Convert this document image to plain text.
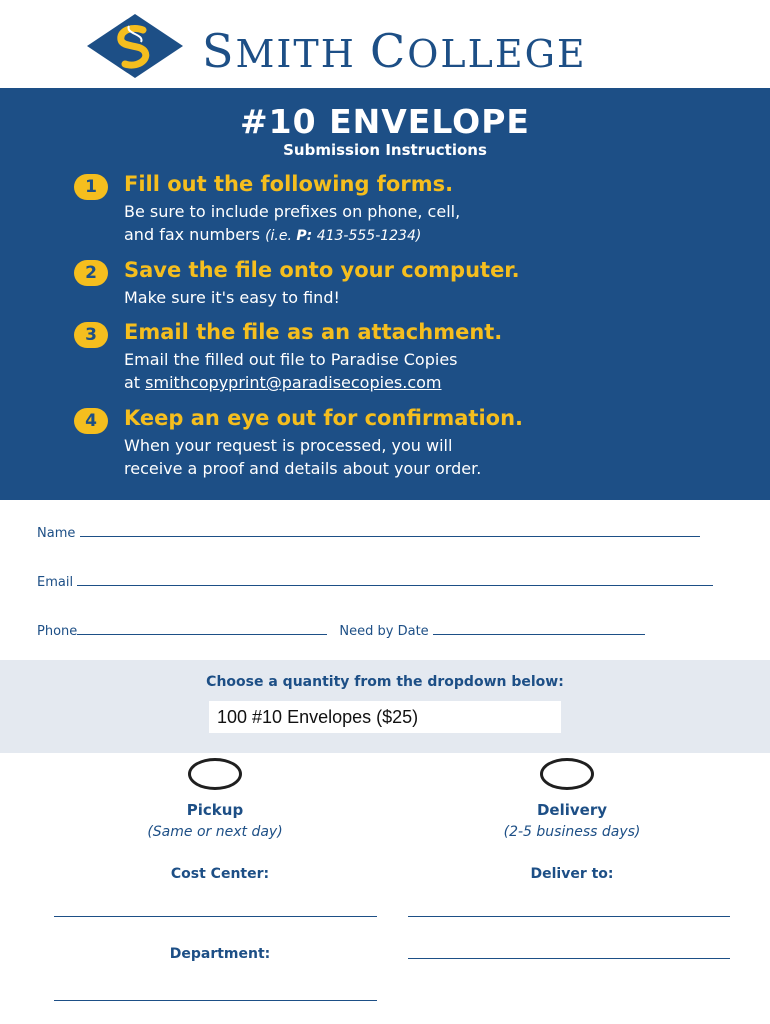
SMITH COLLEGE
#10 ENVELOPE
Submission Instructions
1	Fill out the following forms.
Be sure to include prefixes on phone, cell,
and fax numbers (i.e. P: 413-555-1234)
2	Save the file onto your computer.
Make sure it's easy to find!
3	Email the file as an attachment.
Email the filled out file to Paradise Copies
at smithcopyprint@paradisecopies.com
4	Keep an eye out for confirmation.
When your request is processed, you will
receive a proof and details about your order.
Name
Email
Phone	Need by Date
Choose a quantity from the dropdown below:
100 #10 Envelopes ($25)
Pickup
(Same or next day)
Delivery
(2-5 business days)
Cost Center:	Deliver to:
Department:
